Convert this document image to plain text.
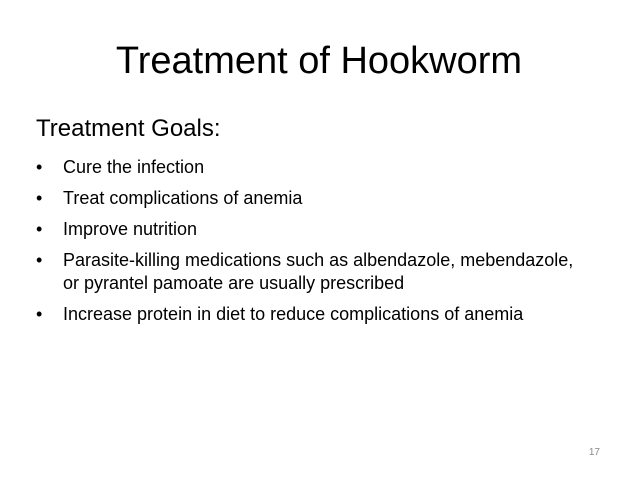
Treatment of Hookworm

Treatment Goals:

• Cure the infection
• Treat complications of anemia
• Improve nutrition
• Parasite-killing medications such as albendazole, mebendazole, or pyrantel pamoate are usually prescribed
• Increase protein in diet to reduce complications of anemia
17
